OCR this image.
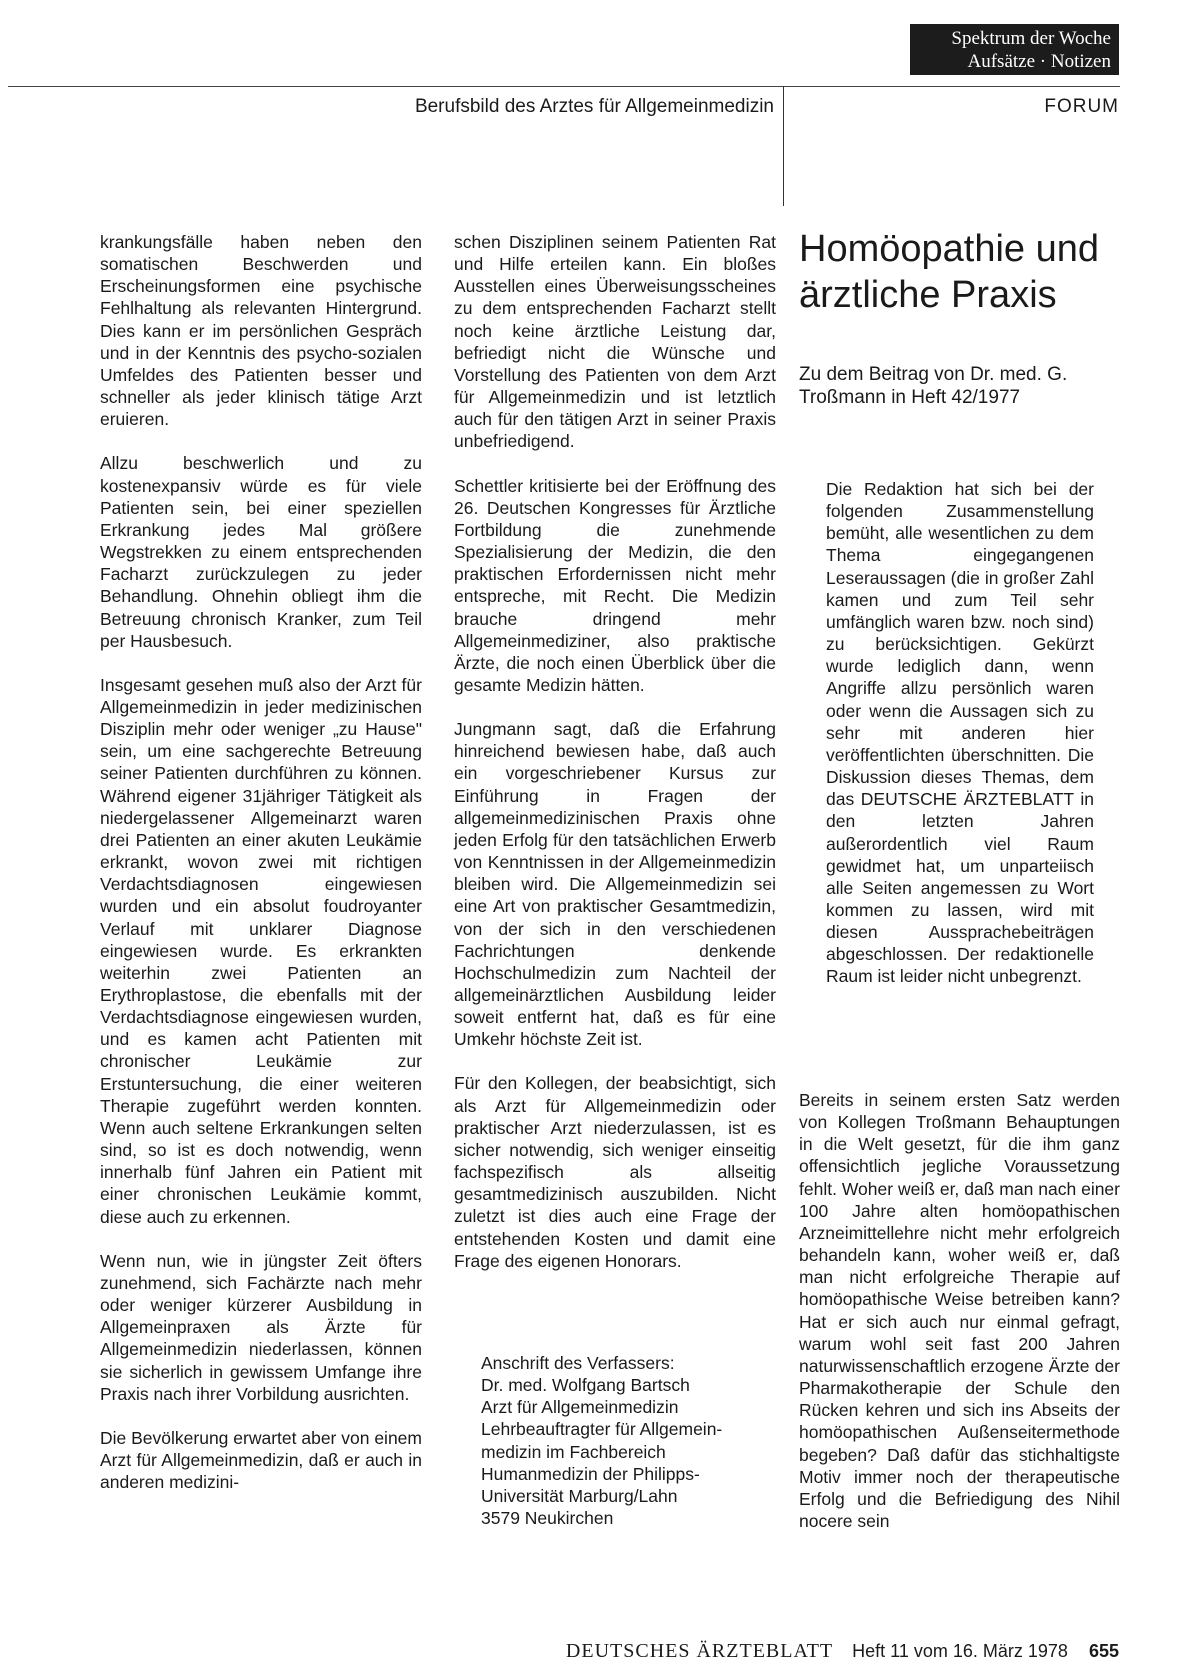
Spektrum der Woche
Aufsätze · Notizen
Berufsbild des Arztes für Allgemeinmedizin	FORUM

krankungsfälle haben neben den somatischen Beschwerden und Erscheinungsformen eine psychische Fehlhaltung als relevanten Hintergrund. Dies kann er im persönlichen Gespräch und in der Kenntnis des psycho-sozialen Umfeldes des Patienten besser und schneller als jeder klinisch tätige Arzt eruieren.

Allzu beschwerlich und zu kostenexpansiv würde es für viele Patienten sein, bei einer speziellen Erkrankung jedes Mal größere Wegstrekken zu einem entsprechenden Facharzt zurückzulegen zu jeder Behandlung. Ohnehin obliegt ihm die Betreuung chronisch Kranker, zum Teil per Hausbesuch.

Insgesamt gesehen muß also der Arzt für Allgemeinmedizin in jeder medizinischen Disziplin mehr oder weniger „zu Hause" sein, um eine sachgerechte Betreuung seiner Patienten durchführen zu können. Während eigener 31jähriger Tätigkeit als niedergelassener Allgemeinarzt waren drei Patienten an einer akuten Leukämie erkrankt, wovon zwei mit richtigen Verdachtsdiagnosen eingewiesen wurden und ein absolut foudroyanter Verlauf mit unklarer Diagnose eingewiesen wurde. Es erkrankten weiterhin zwei Patienten an Erythroplastose, die ebenfalls mit der Verdachtsdiagnose eingewiesen wurden, und es kamen acht Patienten mit chronischer Leukämie zur Erstuntersuchung, die einer weiteren Therapie zugeführt werden konnten. Wenn auch seltene Erkrankungen selten sind, so ist es doch notwendig, wenn innerhalb fünf Jahren ein Patient mit einer chronischen Leukämie kommt, diese auch zu erkennen.

Wenn nun, wie in jüngster Zeit öfters zunehmend, sich Fachärzte nach mehr oder weniger kürzerer Ausbildung in Allgemeinpraxen als Ärzte für Allgemeinmedizin niederlassen, können sie sicherlich in gewissem Umfange ihre Praxis nach ihrer Vorbildung ausrichten.

Die Bevölkerung erwartet aber von einem Arzt für Allgemeinmedizin, daß er auch in anderen medizini-

schen Disziplinen seinem Patienten Rat und Hilfe erteilen kann. Ein bloßes Ausstellen eines Überweisungsscheines zu dem entsprechenden Facharzt stellt noch keine ärztliche Leistung dar, befriedigt nicht die Wünsche und Vorstellung des Patienten von dem Arzt für Allgemeinmedizin und ist letztlich auch für den tätigen Arzt in seiner Praxis unbefriedigend.

Schettler kritisierte bei der Eröffnung des 26. Deutschen Kongresses für Ärztliche Fortbildung die zunehmende Spezialisierung der Medizin, die den praktischen Erfordernissen nicht mehr entspreche, mit Recht. Die Medizin brauche dringend mehr Allgemeinmediziner, also praktische Ärzte, die noch einen Überblick über die gesamte Medizin hätten.

Jungmann sagt, daß die Erfahrung hinreichend bewiesen habe, daß auch ein vorgeschriebener Kursus zur Einführung in Fragen der allgemeinmedizinischen Praxis ohne jeden Erfolg für den tatsächlichen Erwerb von Kenntnissen in der Allgemeinmedizin bleiben wird. Die Allgemeinmedizin sei eine Art von praktischer Gesamtmedizin, von der sich in den verschiedenen Fachrichtungen denkende Hochschulmedizin zum Nachteil der allgemeinärztlichen Ausbildung leider soweit entfernt hat, daß es für eine Umkehr höchste Zeit ist.

Für den Kollegen, der beabsichtigt, sich als Arzt für Allgemeinmedizin oder praktischer Arzt niederzulassen, ist es sicher notwendig, sich weniger einseitig fachspezifisch als allseitig gesamtmedizinisch auszubilden. Nicht zuletzt ist dies auch eine Frage der entstehenden Kosten und damit eine Frage des eigenen Honorars.

Anschrift des Verfassers:
Dr. med. Wolfgang Bartsch
Arzt für Allgemeinmedizin
Lehrbeauftragter für Allgemein-
medizin im Fachbereich
Humanmedizin der Philipps-
Universität Marburg/Lahn
3579 Neukirchen
Homöopathie und ärztliche Praxis
Zu dem Beitrag von Dr. med. G. Troßmann in Heft 42/1977
Die Redaktion hat sich bei der folgenden Zusammenstellung bemüht, alle wesentlichen zu dem Thema eingegangenen Leseraussagen (die in großer Zahl kamen und zum Teil sehr umfänglich waren bzw. noch sind) zu berücksichtigen. Gekürzt wurde lediglich dann, wenn Angriffe allzu persönlich waren oder wenn die Aussagen sich zu sehr mit anderen hier veröffentlichten überschnitten. Die Diskussion dieses Themas, dem das DEUTSCHE ÄRZTEBLATT in den letzten Jahren außerordentlich viel Raum gewidmet hat, um unparteiisch alle Seiten angemessen zu Wort kommen zu lassen, wird mit diesen Aussprachebeiträgen abgeschlossen. Der redaktionelle Raum ist leider nicht unbegrenzt.

Bereits in seinem ersten Satz werden von Kollegen Troßmann Behauptungen in die Welt gesetzt, für die ihm ganz offensichtlich jegliche Voraussetzung fehlt. Woher weiß er, daß man nach einer 100 Jahre alten homöopathischen Arzneimittellehre nicht mehr erfolgreich behandeln kann, woher weiß er, daß man nicht erfolgreiche Therapie auf homöopathische Weise betreiben kann? Hat er sich auch nur einmal gefragt, warum wohl seit fast 200 Jahren naturwissenschaftlich erzogene Ärzte der Pharmakotherapie der Schule den Rücken kehren und sich ins Abseits der homöopathischen Außenseitermethode begeben? Daß dafür das stichhaltigste Motiv immer noch der therapeutische Erfolg und die Befriedigung des Nihil nocere sein

DEUTSCHES ÄRZTEBLATT Heft 11 vom 16. März 1978 655
